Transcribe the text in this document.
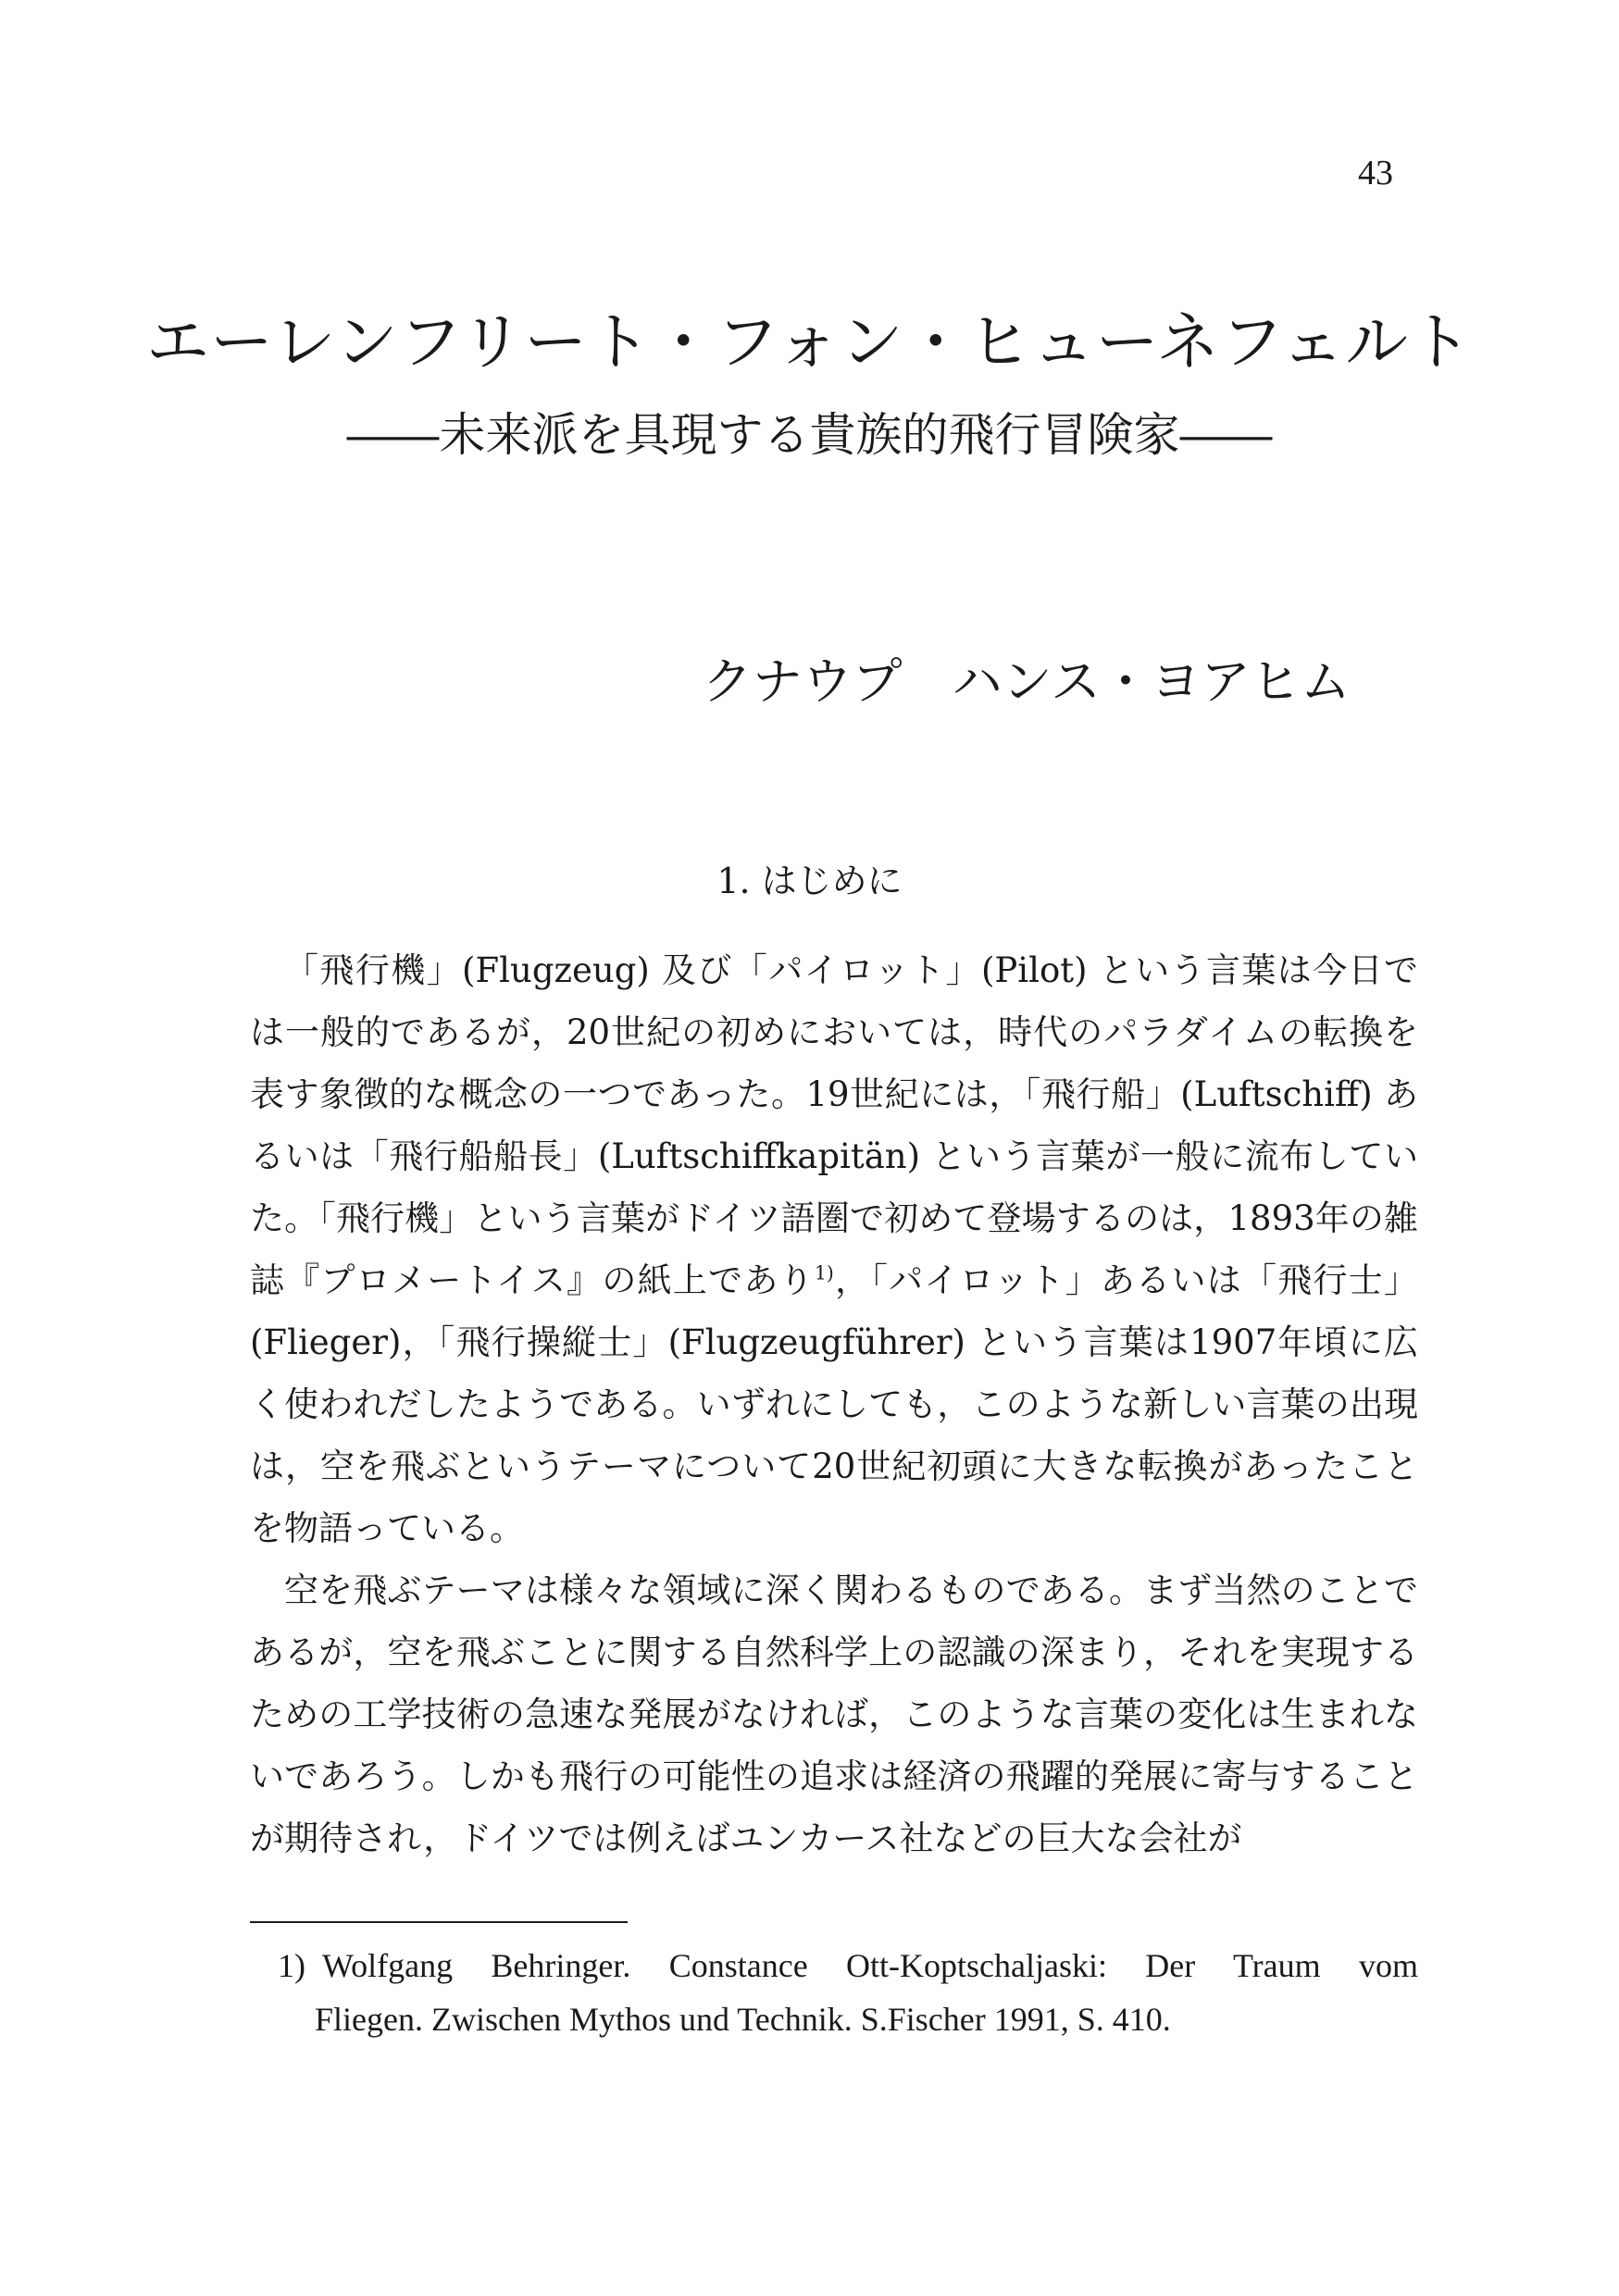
43
エーレンフリート・フォン・ヒューネフェルト
――未来派を具現する貴族的飛行冒険家――
クナウプ　ハンス・ヨアヒム
1. はじめに

「飛行機」(Flugzeug) 及び「パイロット」(Pilot) という言葉は今日では一般的であるが，20世紀の初めにおいては，時代のパラダイムの転換を表す象徴的な概念の一つであった。19世紀には，「飛行船」(Luftschiff) あるいは「飛行船船長」(Luftschiffkapitän) という言葉が一般に流布していた。「飛行機」という言葉がドイツ語圏で初めて登場するのは，1893年の雑誌『プロメートイス』の紙上であり$^{1)}$，「パイロット」あるいは「飛行士」(Flieger)，「飛行操縦士」(Flugzeugführer) という言葉は1907年頃に広く使われだしたようである。いずれにしても，このような新しい言葉の出現は，空を飛ぶというテーマについて20世紀初頭に大きな転換があったことを物語っている。

空を飛ぶテーマは様々な領域に深く関わるものである。まず当然のことであるが，空を飛ぶことに関する自然科学上の認識の深まり，それを実現するための工学技術の急速な発展がなければ，このような言葉の変化は生まれないであろう。しかも飛行の可能性の追求は経済の飛躍的発展に寄与することが期待され，ドイツでは例えばユンカース社などの巨大な会社が

1) Wolfgang Behringer. Constance Ott-Koptschaljaski: Der Traum vom
Fliegen. Zwischen Mythos und Technik. S.Fischer 1991, S. 410.
